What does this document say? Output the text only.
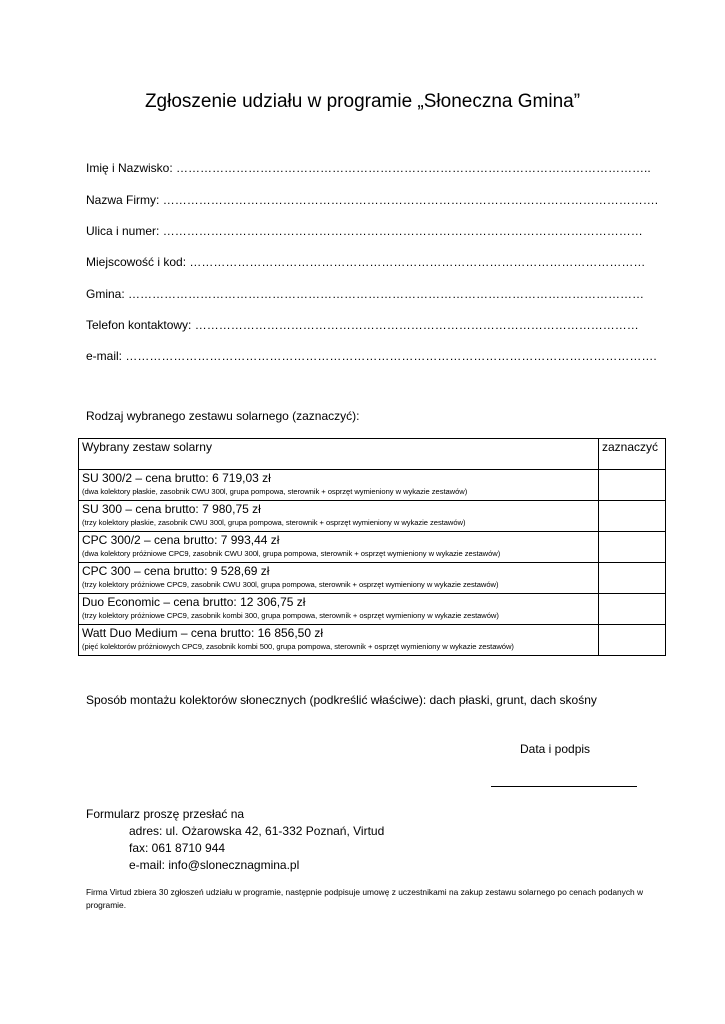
Zgłoszenie udziału w programie „Słoneczna Gmina”
Imię i Nazwisko: ………………………………………………………………………………………………………..
Nazwa Firmy: …………………………………………………………………………………………………………….
Ulica i numer: …………………………………………………………………………………………………………
Miejscowość i kod: ……………………………………………………………………………………………………
Gmina: …………………………………………………………………………………………………………………
Telefon kontaktowy: …………………………………………………………………………………………………
e-mail: …………………………………………………………………………………………………………………….
Rodzaj wybranego zestawu solarnego (zaznaczyć):
Wybrany zestaw solarny	zaznaczyć

SU 300/2 – cena brutto: 6 719,03 zł
(dwa kolektory płaskie, zasobnik CWU 300l, grupa pompowa, sterownik + osprzęt wymieniony w wykazie zestawów)	

SU 300 – cena brutto: 7 980,75 zł
(trzy kolektory płaskie, zasobnik CWU 300l, grupa pompowa, sterownik + osprzęt wymieniony w wykazie zestawów)	

CPC 300/2 – cena brutto: 7 993,44 zł
(dwa kolektory próżniowe CPC9, zasobnik CWU 300l, grupa pompowa, sterownik + osprzęt wymieniony w wykazie zestawów)	

CPC 300 – cena brutto: 9 528,69 zł
(trzy kolektory próżniowe CPC9, zasobnik CWU 300l, grupa pompowa, sterownik + osprzęt wymieniony w wykazie zestawów)	

Duo Economic – cena brutto: 12 306,75 zł
(trzy kolektory próżniowe CPC9, zasobnik kombi 300, grupa pompowa, sterownik + osprzęt wymieniony w wykazie zestawów)	

Watt Duo Medium – cena brutto: 16 856,50 zł
(pięć kolektorów próżniowych CPC9, zasobnik kombi 500, grupa pompowa, sterownik + osprzęt wymieniony w wykazie zestawów)	

Sposób montażu kolektorów słonecznych (podkreślić właściwe): dach płaski, grunt, dach skośny
Data i podpis
Formularz proszę przesłać na
adres: ul. Ożarowska 42, 61-332 Poznań, Virtud
fax: 061 8710 944
e-mail: info@slonecznagmina.pl
Firma Virtud zbiera 30 zgłoszeń udziału w programie, następnie podpisuje umowę z uczestnikami na zakup zestawu solarnego po cenach podanych w programie.
